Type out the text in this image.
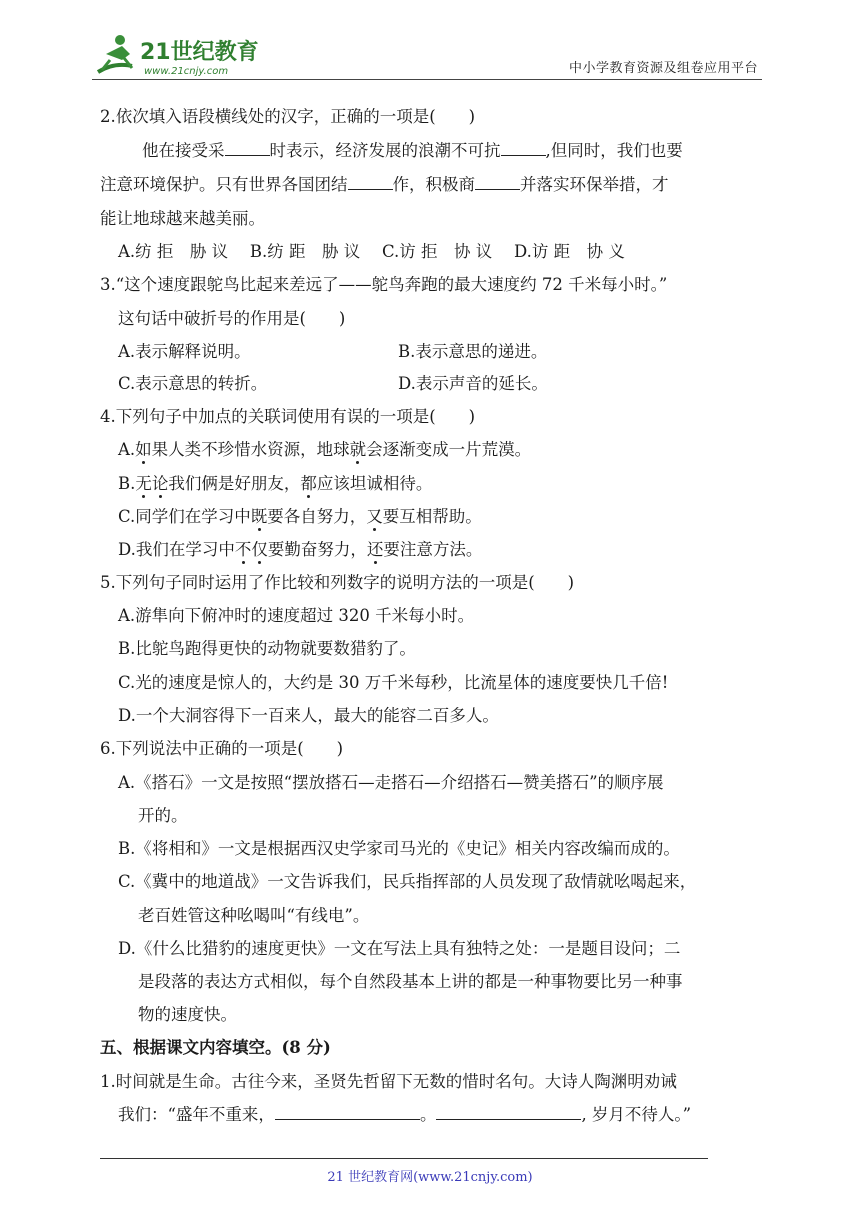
21世纪教育
www.21cnjy.com	中小学教育资源及组卷应用平台
2.依次填入语段横线处的汉字，正确的一项是(　　)
他在接受采	时表示，经济发展的浪潮不可抗	,但同时，我们也要
注意环境保护。只有世界各国团结	作，积极商	并落实环保举措，才
能让地球越来越美丽。
A.纺 拒　胁 议　 B.纺 距　胁 议　 C.访 拒　协 议　 D.访 距　协 义
3.“这个速度跟鸵鸟比起来差远了——鸵鸟奔跑的最大速度约 72 千米每小时。”
这句话中破折号的作用是(　　)
A.表示解释说明。	B.表示意思的递进。
C.表示意思的转折。	D.表示声音的延长。
4.下列句子中加点的关联词使用有误的一项是(　　)
A.如果人类不珍惜水资源，地球就会逐渐变成一片荒漠。
B.无论我们俩是好朋友，都应该坦诚相待。
C.同学们在学习中既要各自努力，又要互相帮助。
D.我们在学习中不仅要勤奋努力，还要注意方法。
5.下列句子同时运用了作比较和列数字的说明方法的一项是(　　)
A.游隼向下俯冲时的速度超过 320 千米每小时。
B.比鸵鸟跑得更快的动物就要数猎豹了。
C.光的速度是惊人的，大约是 30 万千米每秒，比流星体的速度要快几千倍!
D.一个大洞容得下一百来人，最大的能容二百多人。
6.下列说法中正确的一项是(　　)
A.《搭石》一文是按照“摆放搭石—走搭石—介绍搭石—赞美搭石”的顺序展
开的。
B.《将相和》一文是根据西汉史学家司马光的《史记》相关内容改编而成的。
C.《冀中的地道战》一文告诉我们，民兵指挥部的人员发现了敌情就吆喝起来，
老百姓管这种吆喝叫“有线电”。
D.《什么比猎豹的速度更快》一文在写法上具有独特之处：一是题目设问；二
是段落的表达方式相似，每个自然段基本上讲的都是一种事物要比另一种事
物的速度快。
五、根据课文内容填空。(8 分)
1.时间就是生命。古往今来，圣贤先哲留下无数的惜时名句。大诗人陶渊明劝诫
我们：“盛年不重来，	。	, 岁月不待人。”
21 世纪教育网(www.21cnjy.com)
